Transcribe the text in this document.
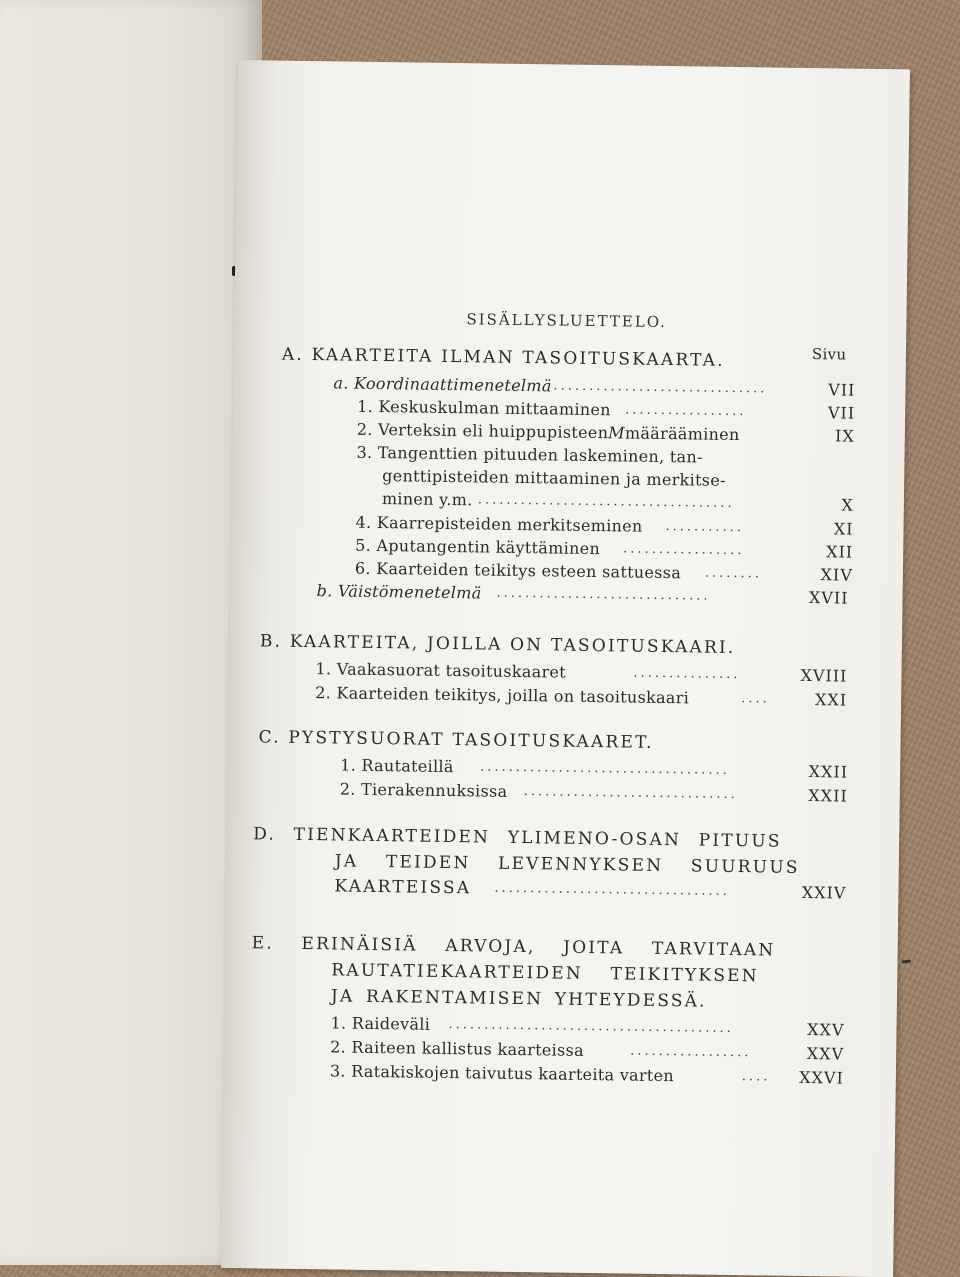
SISÄLLYSLUETTELO.
Sivu
A. KAARTEITA ILMAN TASOITUSKAARTA.
a. Koordinaattimenetelmä ..............................	VII
1. Keskuskulman mittaaminen .................	VII
2. Verteksin eli huippupisteenMmäärääminen	IX
3. Tangenttien pituuden laskeminen, tan-
genttipisteiden mittaaminen ja merkitse-
minen y.m. ....................................	X
4. Kaarrepisteiden merkitseminen ...........	XI
5. Aputangentin käyttäminen .................	XII
6. Kaarteiden teikitys esteen sattuessa ........	XIV
b. Väistömenetelmä ..............................	XVII
B. KAARTEITA, JOILLA ON TASOITUSKAARI.
1. Vaakasuorat tasoituskaaret	...............	XVIII
2. Kaarteiden teikitys, joilla on tasoituskaari	....	XXI
C. PYSTYSUORAT TASOITUSKAARET.
1. Rautateillä ...................................	XXII
2. Tierakennuksissa ..............................	XXII
D. TIENKAARTEIDEN YLIMENO-OSAN PITUUS
JA TEIDEN LEVENNYKSEN SUURUUS
KAARTEISSA .................................	XXIV
E. ERINÄISIÄ ARVOJA, JOITA TARVITAAN
RAUTATIEKAARTEIDEN TEIKITYKSEN
JA RAKENTAMISEN YHTEYDESSÄ.
1. Raideväli ........................................	XXV
2. Raiteen kallistus kaarteissa	.................	XXV
3. Ratakiskojen taivutus kaarteita varten	....	XXVI
